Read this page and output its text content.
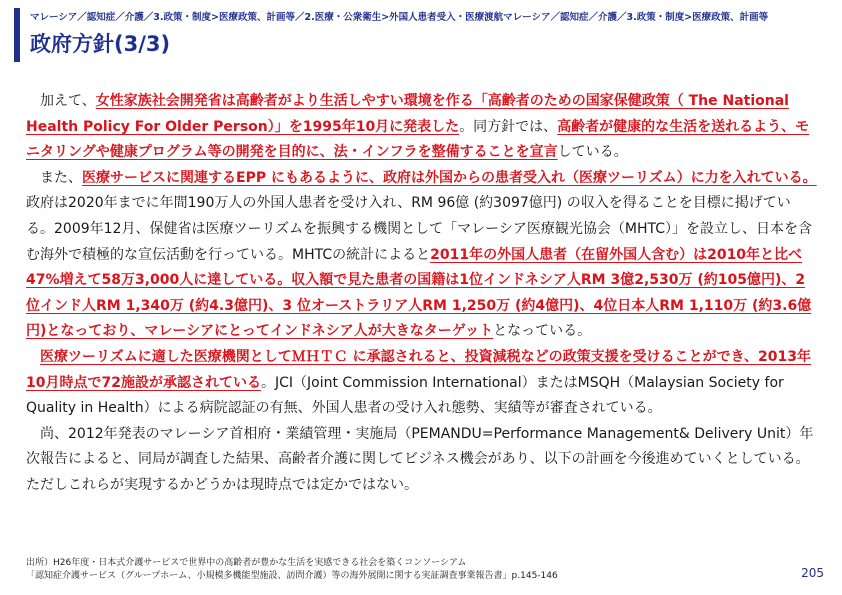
マレーシア／認知症／介護／3.政策・制度>医療政策、計画等／2.医療・公衆衛生>外国人患者受入・医療渡航マレーシア／認知症／介護／3.政策・制度>医療政策、計画等
政府方針(3/3)

加えて、女性家族社会開発省は高齢者がより生活しやすい環境を作る「高齢者のための国家保健政策（ The National Health Policy For Older Person）」を1995年10月に発表した。同方針では、高齢者が健康的な生活を送れるよう、モニタリングや健康プログラム等の開発を目的に、法・インフラを整備することを宣言している。

また、医療サービスに関連するEPP にもあるように、政府は外国からの患者受入れ（医療ツーリズム）に力を入れている。政府は2020年までに年間190万人の外国人患者を受け入れ、RM 96億 (約3097億円) の収入を得ることを目標に掲げている。2009年12月、保健省は医療ツーリズムを振興する機関として「マレーシア医療観光協会（MHTC）」を設立し、日本を含む海外で積極的な宣伝活動を行っている。MHTCの統計によると2011年の外国人患者（在留外国人含む）は2010年と比べ47%増えて58万3,000人に達している。収入額で見た患者の国籍は1位インドネシア人RM 3億2,530万 (約105億円)、2位インド人RM 1,340万 (約4.3億円)、3 位オーストラリア人RM 1,250万 (約4億円)、4位日本人RM 1,110万 (約3.6億円)となっており、マレーシアにとってインドネシア人が大きなターゲットとなっている。

医療ツーリズムに適した医療機関としてＭＨＴＣ に承認されると、投資減税などの政策支援を受けることができ、2013年10月時点で72施設が承認されている。JCI（Joint Commission International）またはMSQH（Malaysian Society for Quality in Health）による病院認証の有無、外国人患者の受け入れ態勢、実績等が審査されている。

尚、2012年発表のマレーシア首相府・業績管理・実施局（PEMANDU=Performance Management& Delivery Unit）年次報告によると、同局が調査した結果、高齢者介護に関してビジネス機会があり、以下の計画を今後進めていくとしている。ただしこれらが実現するかどうかは現時点では定かではない。

出所）H26年度・日本式介護サービスで世界中の高齢者が豊かな生活を実感できる社会を築くコンソーシアム
「認知症介護サービス（グループホーム、小規模多機能型施設、訪問介護）等の海外展開に関する実証調査事業報告書」p.145-146	205
